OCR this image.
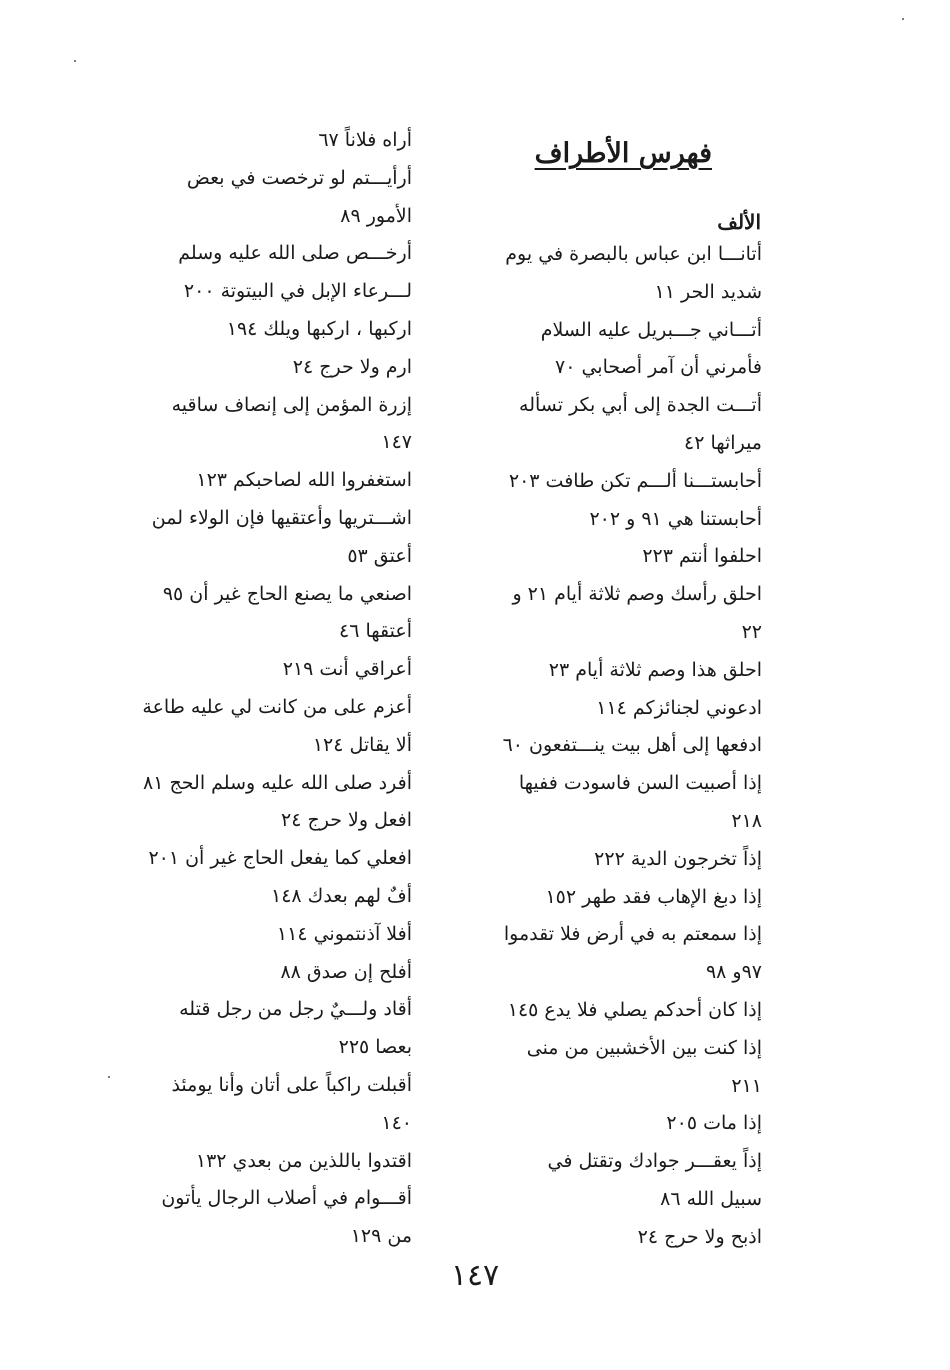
فهرس الأطراف
الألف
أتانـــا ابن عباس بالبصرة في يوم شديد الحر ١١
أتـــاني جـــبريل عليه السلام فأمرني أن آمر أصحابي ٧٠
أتـــت الجدة إلى أبي بكر تسأله ميراثها ٤٢
أحابستـــنا ألـــم تكن طافت ٢٠٣
أحابستنا هي ٩١ و ٢٠٢
احلفوا أنتم ٢٢٣
احلق رأسك وصم ثلاثة أيام ٢١ و ٢٢
احلق هذا وصم ثلاثة أيام ٢٣
ادعوني لجنائزكم ١١٤
ادفعها إلى أهل بيت ينـــتفعون ٦٠
إذا أصبيت السن فاسودت ففيها ٢١٨
إذاً تخرجون الدية ٢٢٢
إذا دبغ الإهاب فقد طهر ١٥٢
إذا سمعتم به في أرض فلا تقدموا ٩٧و ٩٨
إذا كان أحدكم يصلي فلا يدع ١٤٥
إذا كنت بين الأخشبين من منى ٢١١
إذا مات ٢٠٥
إذاً يعقـــر جوادك وتقتل في سبيل الله ٨٦
اذبح ولا حرج ٢٤
أراه فلاناً ٦٧
أرأيـــتم لو ترخصت في بعض الأمور ٨٩
أرخـــص صلى الله عليه وسلم لـــرعاء الإبل في البيتوتة ٢٠٠
اركبها ، اركبها ويلك ١٩٤
ارم ولا حرج ٢٤
إزرة المؤمن إلى إنصاف ساقيه ١٤٧
استغفروا الله لصاحبكم ١٢٣
اشـــتريها وأعتقيها فإن الولاء لمن أعتق ٥٣
اصنعي ما يصنع الحاج غير أن ٩٥
أعتقها ٤٦
أعراقي أنت ٢١٩
أعزم على من كانت لي عليه طاعة ألا يقاتل ١٢٤
أفرد صلى الله عليه وسلم الحج ٨١
افعل ولا حرج ٢٤
افعلي كما يفعل الحاج غير أن ٢٠١
أفٌ لهم بعدك ١٤٨
أفلا آذنتموني ١١٤
أفلح إن صدق ٨٨
أقاد ولـــيٌ رجل من رجل قتله بعصا ٢٢٥
أقبلت راكباً على أتان وأنا يومئذ ١٤٠
اقتدوا باللذين من بعدي ١٣٢
أقـــوام في أصلاب الرجال يأتون من ١٢٩
١٤٧
